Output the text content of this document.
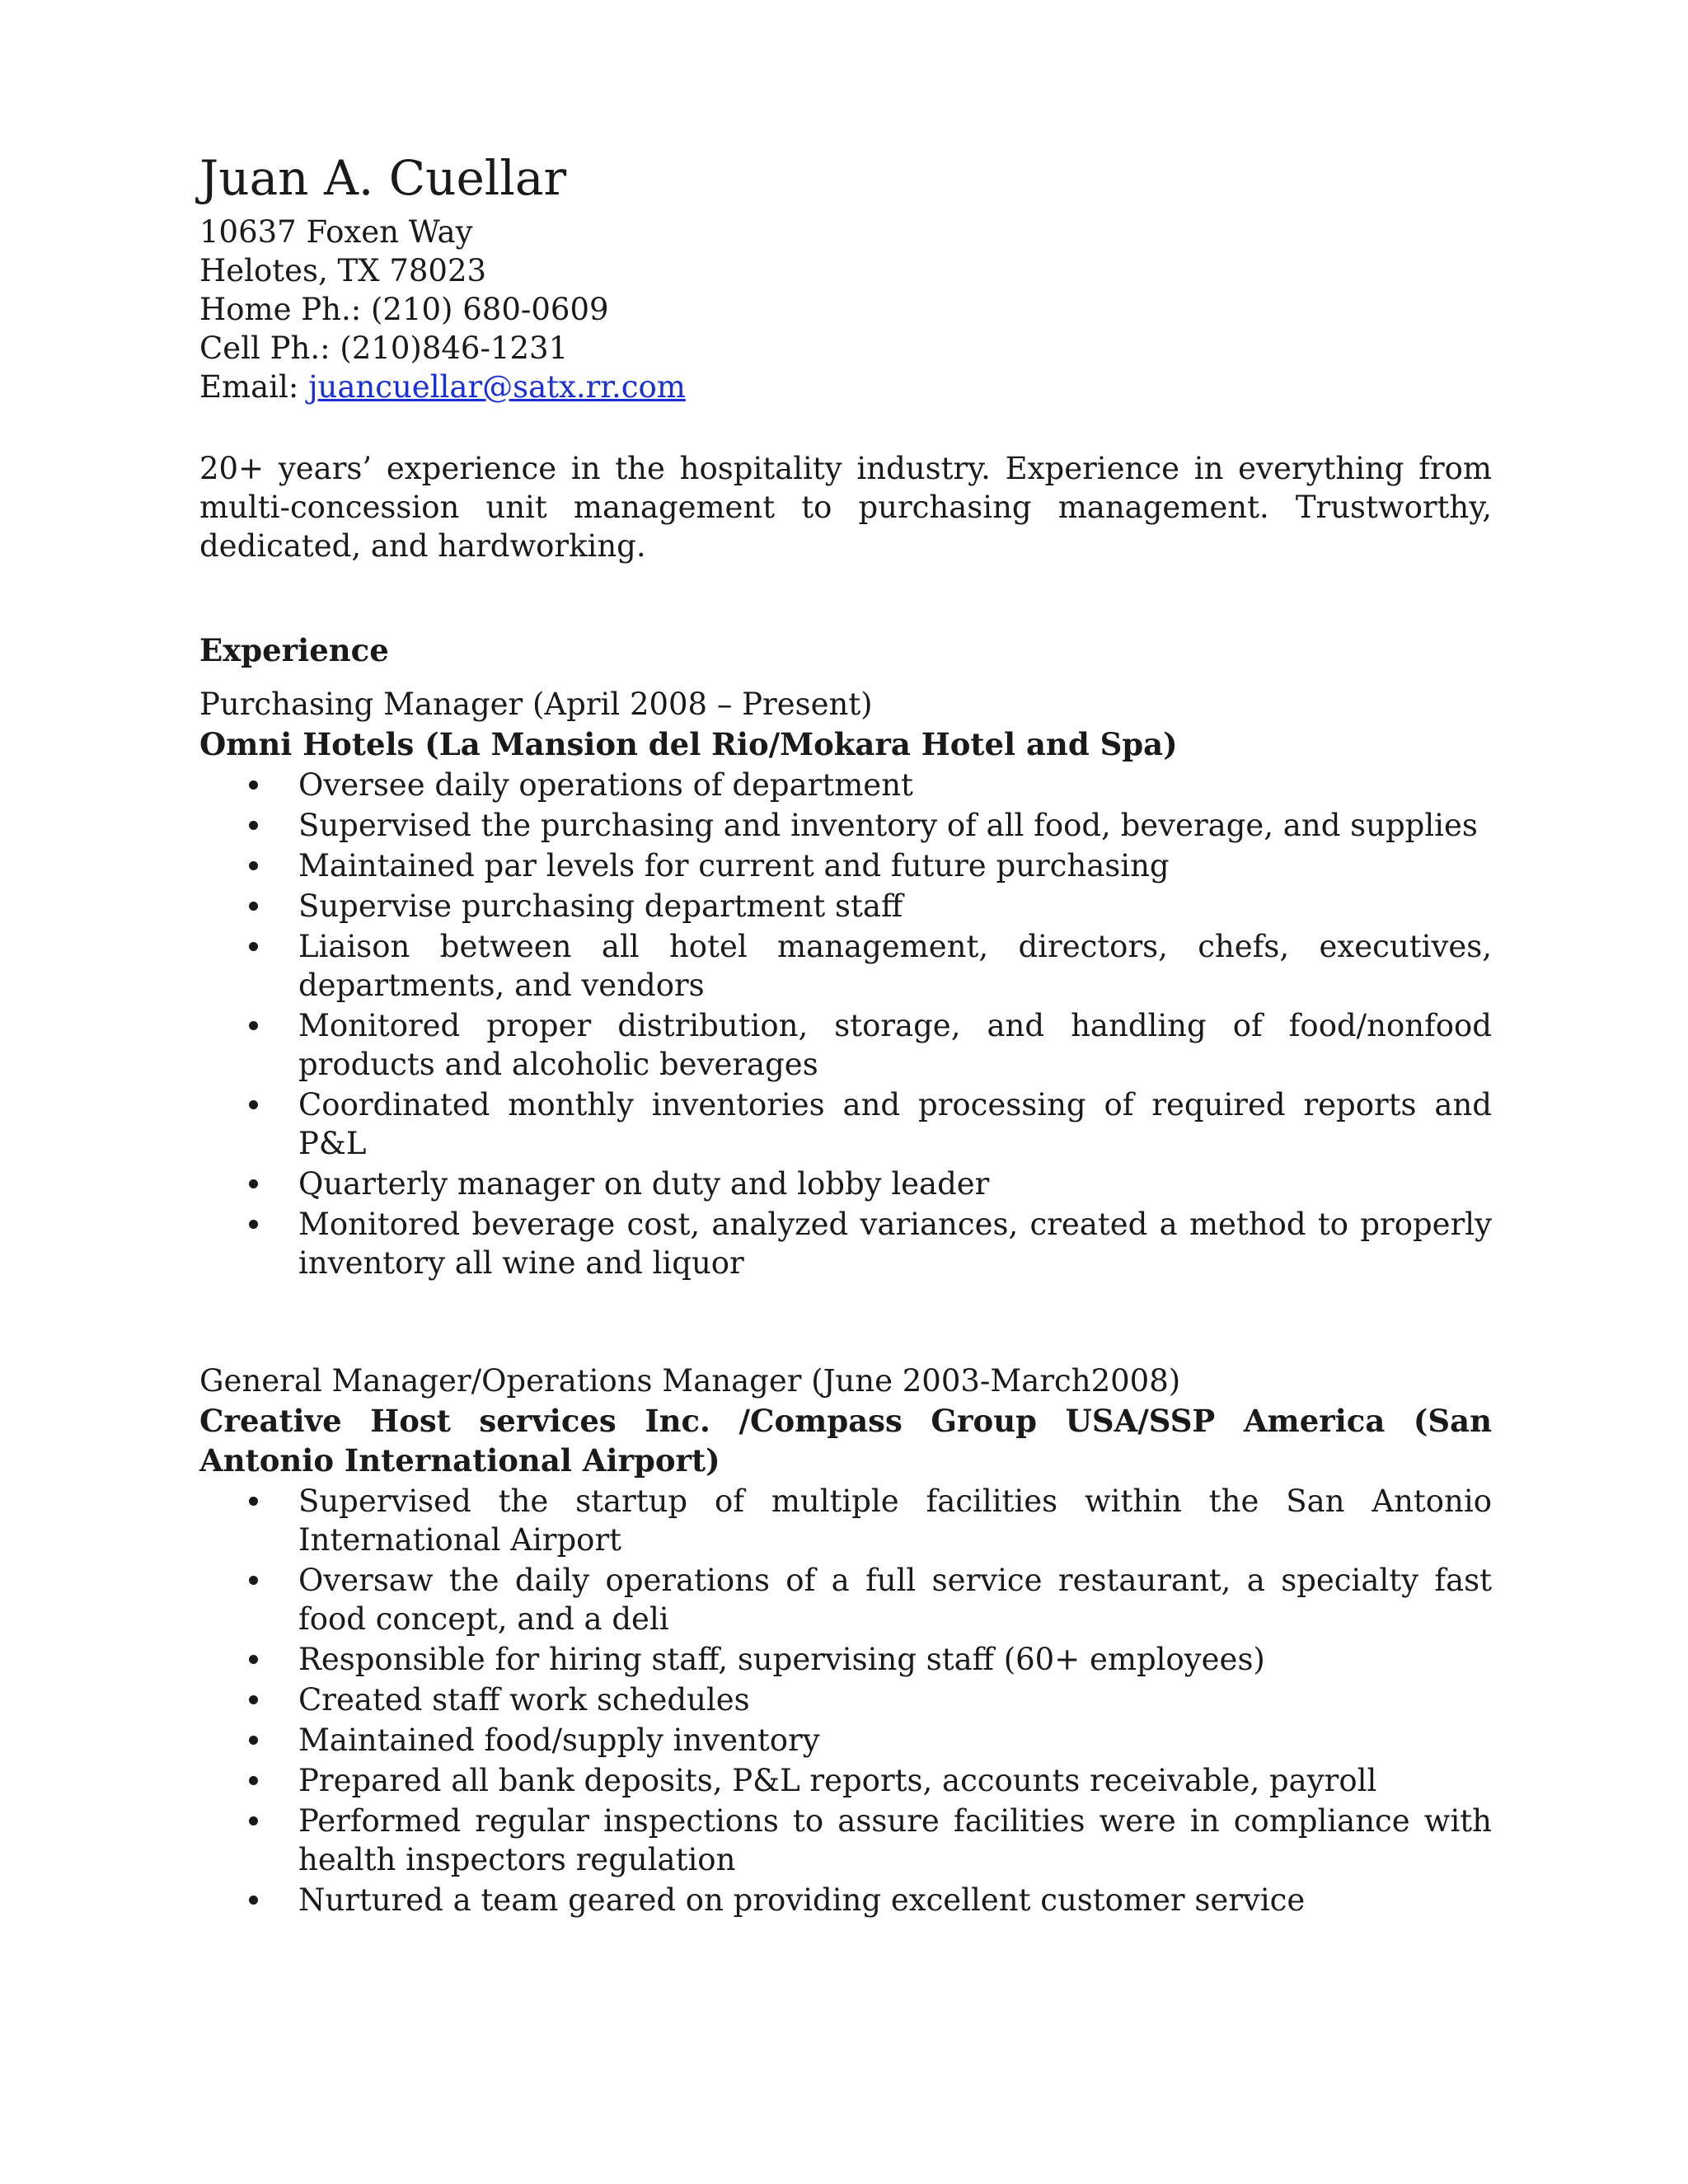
Juan A. Cuellar
10637 Foxen Way
Helotes, TX 78023
Home Ph.: (210) 680-0609
Cell Ph.: (210)846-1231
Email: juancuellar@satx.rr.com
20+ years’ experience in the hospitality industry. Experience in everything from multi-concession unit management to purchasing management. Trustworthy, dedicated, and hardworking.
Experience
Purchasing Manager (April 2008 – Present)
Omni Hotels (La Mansion del Rio/Mokara Hotel and Spa)
Oversee daily operations of department
Supervised the purchasing and inventory of all food, beverage, and supplies
Maintained par levels for current and future purchasing
Supervise purchasing department staff
Liaison between all hotel management, directors, chefs, executives, departments, and vendors
Monitored proper distribution, storage, and handling of food/nonfood products and alcoholic beverages
Coordinated monthly inventories and processing of required reports and P&L
Quarterly manager on duty and lobby leader
Monitored beverage cost, analyzed variances, created a method to properly inventory all wine and liquor
General Manager/Operations Manager (June 2003-March2008)
Creative Host services Inc. /Compass Group USA/SSP America (San Antonio International Airport)
Supervised the startup of multiple facilities within the San Antonio International Airport
Oversaw the daily operations of a full service restaurant, a specialty fast food concept, and a deli
Responsible for hiring staff, supervising staff (60+ employees)
Created staff work schedules
Maintained food/supply inventory
Prepared all bank deposits, P&L reports, accounts receivable, payroll
Performed regular inspections to assure facilities were in compliance with health inspectors regulation
Nurtured a team geared on providing excellent customer service
